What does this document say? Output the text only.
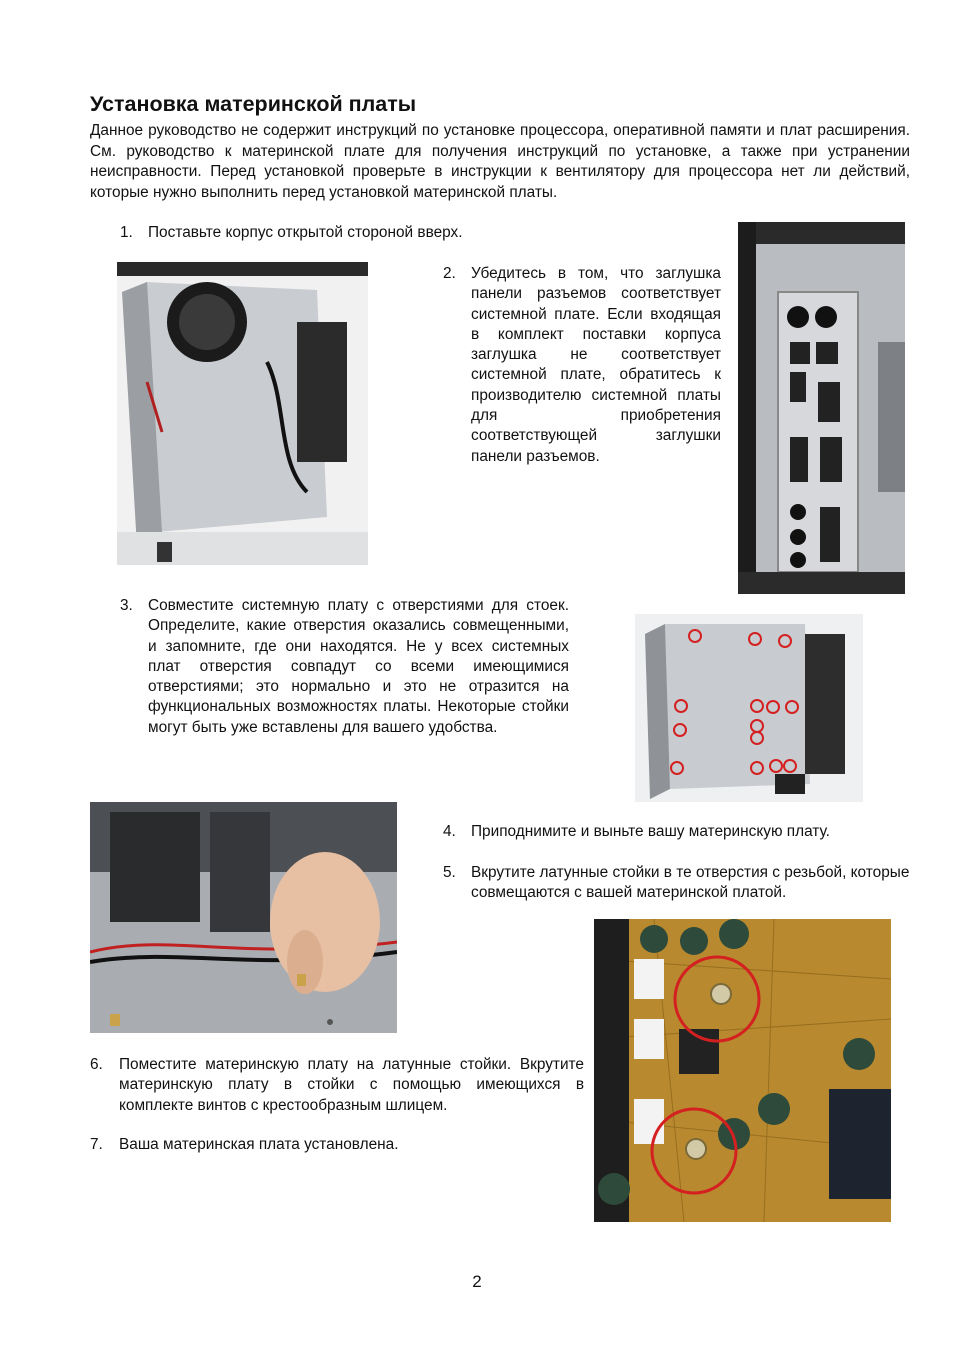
Установка материнской платы

Данное руководство не содержит инструкций по установке процессора, оперативной памяти и плат расширения. См. руководство к материнской плате для получения инструкций по установке, а также при устранении неисправности. Перед установкой проверьте в инструкции к вентилятору для процессора нет ли действий, которые нужно выполнить перед установкой материнской платы.

1. Поставьте корпус открытой стороной вверх.
2. Убедитесь в том, что заглушка панели разъемов соответствует системной плате. Если входящая в комплект поставки корпуса заглушка не соответствует системной плате, обратитесь к производителю системной платы для приобретения соответствующей заглушки панели разъемов.
3. Совместите системную плату с отверстиями для стоек. Определите, какие отверстия оказались совмещенными, и запомните, где они находятся. Не у всех системных плат отверстия совпадут со всеми имеющимися отверстиями; это нормально и это не отразится на функциональных возможностях платы. Некоторые стойки могут быть уже вставлены для вашего удобства.
4. Приподнимите и выньте вашу материнскую плату.
5. Вкрутите латунные стойки в те отверстия с резьбой, которые совмещаются с вашей материнской платой.
6. Поместите материнскую плату на латунные стойки. Вкрутите материнскую плату в стойки с помощью имеющихся в комплекте винтов с крестообразным шлицем.
7. Ваша материнская плата установлена.
2
